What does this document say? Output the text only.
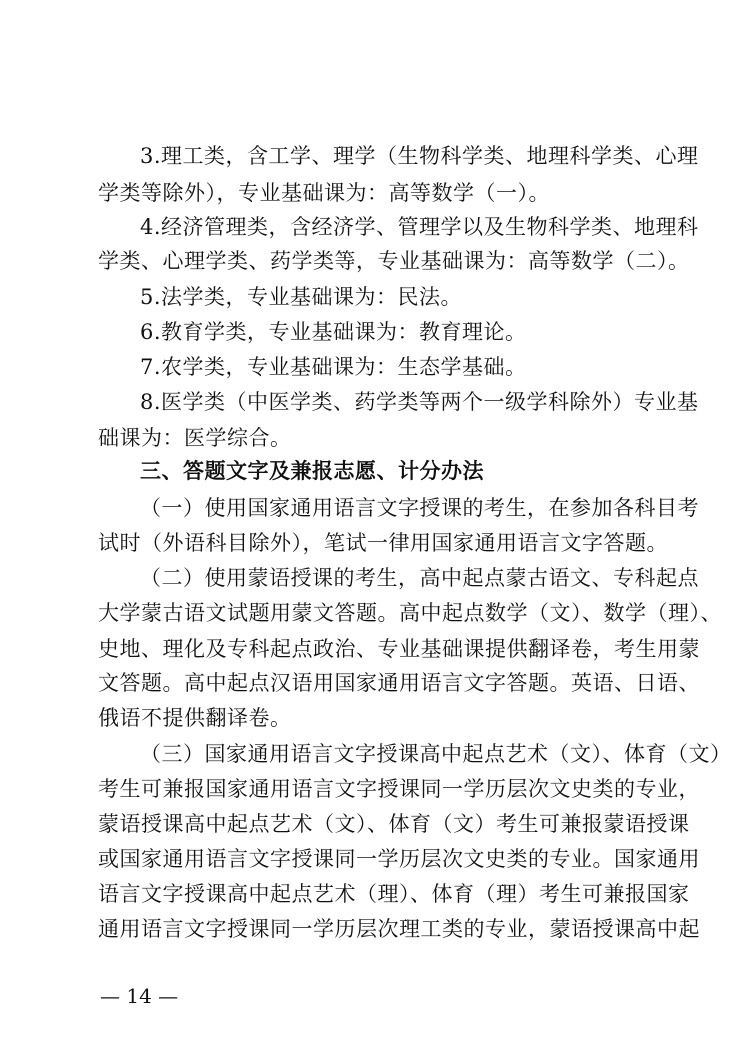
3.理工类，含工学、理学（生物科学类、地理科学类、心理
学类等除外），专业基础课为：高等数学（一）。
4.经济管理类，含经济学、管理学以及生物科学类、地理科
学类、心理学类、药学类等，专业基础课为：高等数学（二）。
5.法学类，专业基础课为：民法。
6.教育学类，专业基础课为：教育理论。
7.农学类，专业基础课为：生态学基础。
8.医学类（中医学类、药学类等两个一级学科除外）专业基
础课为：医学综合。
三、答题文字及兼报志愿、计分办法
（一）使用国家通用语言文字授课的考生，在参加各科目考
试时（外语科目除外），笔试一律用国家通用语言文字答题。
（二）使用蒙语授课的考生，高中起点蒙古语文、专科起点
大学蒙古语文试题用蒙文答题。高中起点数学（文）、数学（理）、
史地、理化及专科起点政治、专业基础课提供翻译卷，考生用蒙
文答题。高中起点汉语用国家通用语言文字答题。英语、日语、
俄语不提供翻译卷。
（三）国家通用语言文字授课高中起点艺术（文）、体育（文）
考生可兼报国家通用语言文字授课同一学历层次文史类的专业，
蒙语授课高中起点艺术（文）、体育（文）考生可兼报蒙语授课
或国家通用语言文字授课同一学历层次文史类的专业。国家通用
语言文字授课高中起点艺术（理）、体育（理）考生可兼报国家
通用语言文字授课同一学历层次理工类的专业，蒙语授课高中起
— 14 —
